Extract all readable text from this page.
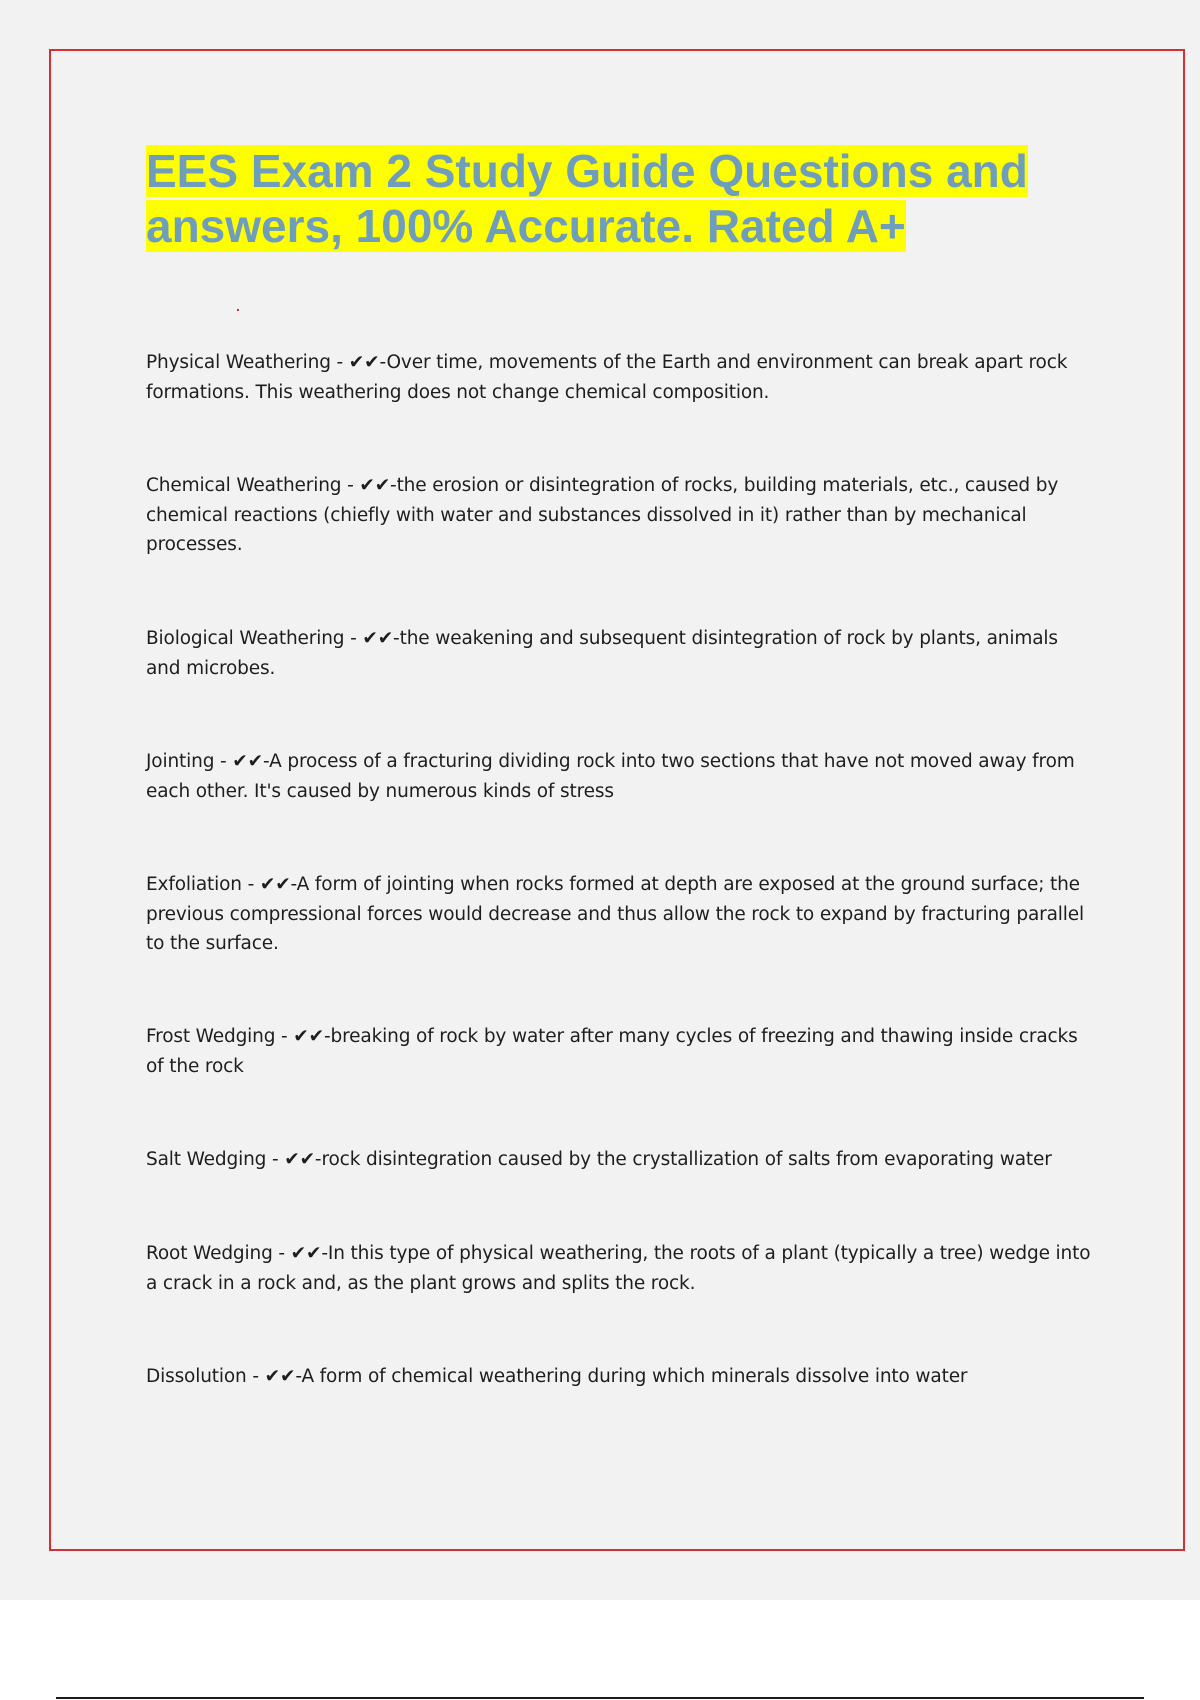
EES Exam 2 Study Guide Questions and answers, 100% Accurate. Rated A+

Physical Weathering - ✔✔-Over time, movements of the Earth and environment can break apart rock formations. This weathering does not change chemical composition.

Chemical Weathering - ✔✔-the erosion or disintegration of rocks, building materials, etc., caused by chemical reactions (chiefly with water and substances dissolved in it) rather than by mechanical processes.

Biological Weathering - ✔✔-the weakening and subsequent disintegration of rock by plants, animals and microbes.

Jointing - ✔✔-A process of a fracturing dividing rock into two sections that have not moved away from each other. It's caused by numerous kinds of stress

Exfoliation - ✔✔-A form of jointing when rocks formed at depth are exposed at the ground surface; the previous compressional forces would decrease and thus allow the rock to expand by fracturing parallel to the surface.

Frost Wedging - ✔✔-breaking of rock by water after many cycles of freezing and thawing inside cracks of the rock

Salt Wedging - ✔✔-rock disintegration caused by the crystallization of salts from evaporating water

Root Wedging - ✔✔-In this type of physical weathering, the roots of a plant (typically a tree) wedge into a crack in a rock and, as the plant grows and splits the rock.

Dissolution - ✔✔-A form of chemical weathering during which minerals dissolve into water
